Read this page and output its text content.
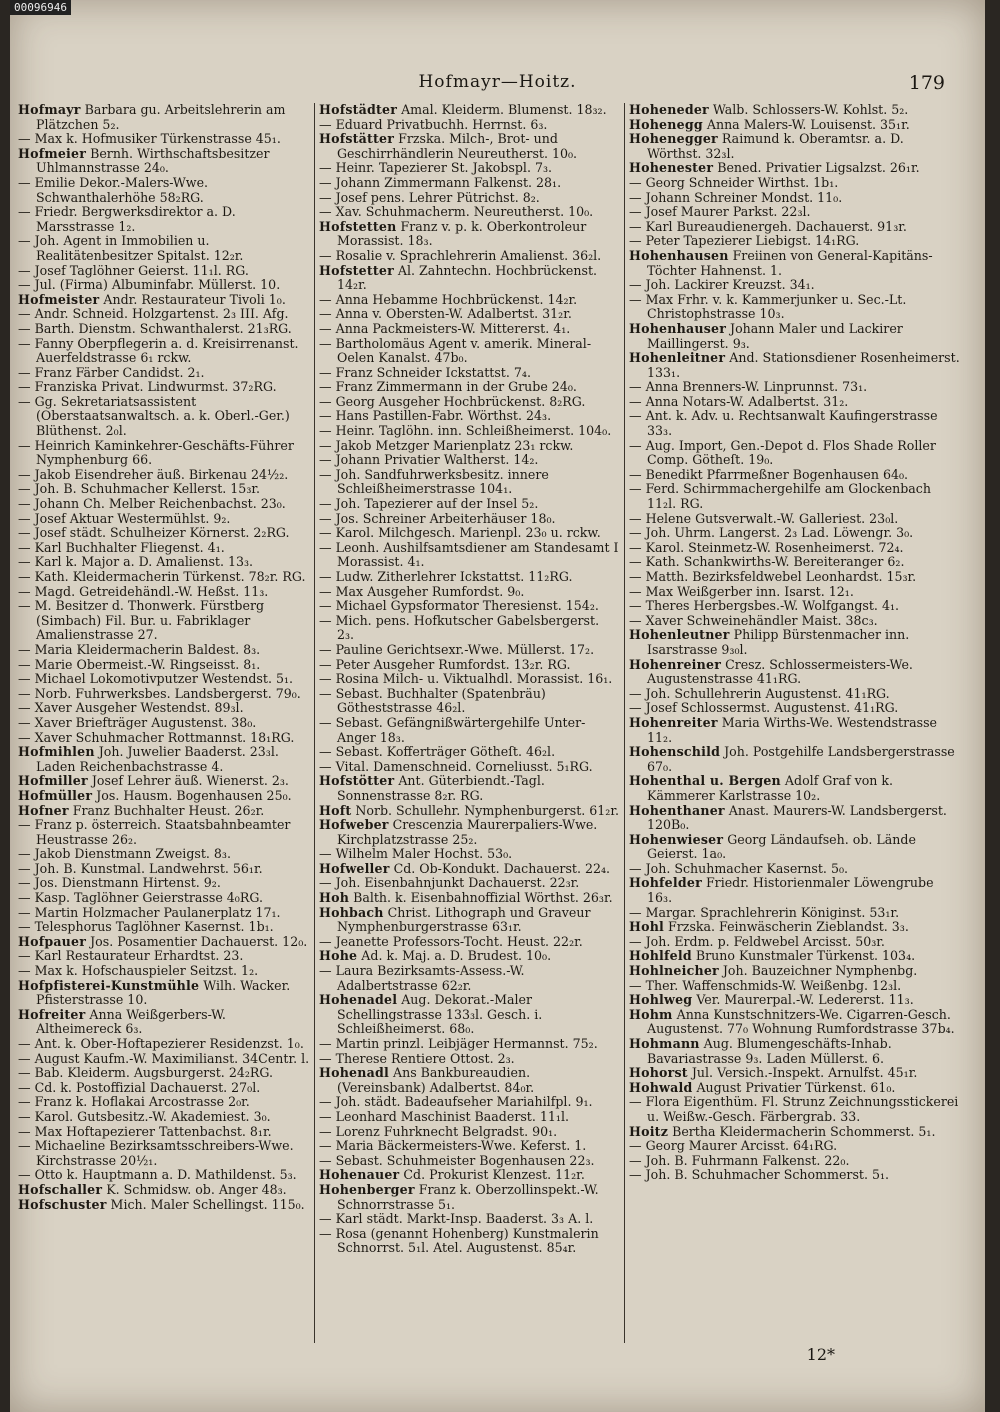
00096946
Hofmayr—Hoitz.	179
Hofmayr Barbara gu. Arbeitslehrerin am Plätzchen 5₂.
— Max k. Hofmusiker Türkenstrasse 45₁.
Hofmeier Bernh. Wirthschaftsbesitzer Uhlmannstrasse 24₀.
— Emilie Dekor.-Malers-Wwe. Schwanthalerhöhe 58₂RG.
— Friedr. Bergwerksdirektor a. D. Marsstrasse 1₂.
— Joh. Agent in Immobilien u. Realitätenbesitzer Spitalst. 12₂r.
— Josef Taglöhner Geierst. 11₁l. RG.
— Jul. (Firma) Albuminfabr. Müllerst. 10.
Hofmeister Andr. Restaurateur Tivoli 1₀.
— Andr. Schneid. Holzgartenst. 2₃ III. Afg.
— Barth. Dienstm. Schwanthalerst. 21₃RG.
— Fanny Oberpflegerin a. d. Kreisirrenanst. Auerfeldstrasse 6₁ rckw.
— Franz Färber Candidst. 2₁.
— Franziska Privat. Lindwurmst. 37₂RG.
— Gg. Sekretariatsassistent (Oberstaatsanwaltsch. a. k. Oberl.-Ger.) Blüthenst. 2₀l.
— Heinrich Kaminkehrer-Geschäfts-Führer Nymphenburg 66.
— Jakob Eisendreher äuß. Birkenau 24½₂.
— Joh. B. Schuhmacher Kellerst. 15₃r.
— Johann Ch. Melber Reichenbachst. 23₀.
— Josef Aktuar Westermühlst. 9₂.
— Josef städt. Schulheizer Körnerst. 2₂RG.
— Karl Buchhalter Fliegenst. 4₁.
— Karl k. Major a. D. Amalienst. 13₃.
— Kath. Kleidermacherin Türkenst. 78₂r. RG.
— Magd. Getreidehändl.-W. Heßst. 11₃.
— M. Besitzer d. Thonwerk. Fürstberg (Simbach) Fil. Bur. u. Fabriklager Amalienstrasse 27.
— Maria Kleidermacherin Baldest. 8₃.
— Marie Obermeist.-W. Ringseisst. 8₁.
— Michael Lokomotivputzer Westendst. 5₁.
— Norb. Fuhrwerksbes. Landsbergerst. 79₀.
— Xaver Ausgeher Westendst. 89₃l.
— Xaver Briefträger Augustenst. 38₀.
— Xaver Schuhmacher Rottmannst. 18₁RG.
Hofmihlen Joh. Juwelier Baaderst. 23₃l. Laden Reichenbachstrasse 4.
Hofmiller Josef Lehrer äuß. Wienerst. 2₃.
Hofmüller Jos. Hausm. Bogenhausen 25₀.
Hofner Franz Buchhalter Heust. 26₂r.
— Franz p. österreich. Staatsbahnbeamter Heustrasse 26₂.
— Jakob Dienstmann Zweigst. 8₃.
— Joh. B. Kunstmal. Landwehrst. 56₁r.
— Jos. Dienstmann Hirtenst. 9₂.
— Kasp. Taglöhner Geierstrasse 4₀RG.
— Martin Holzmacher Paulanerplatz 17₁.
— Telesphorus Taglöhner Kasernst. 1b₁.
Hofpauer Jos. Posamentier Dachauerst. 12₀.
— Karl Restaurateur Erhardtst. 23.
— Max k. Hofschauspieler Seitzst. 1₂.
Hofpfisterei-Kunstmühle Wilh. Wacker. Pfisterstrasse 10.
Hofreiter Anna Weißgerbers-W. Altheimereck 6₃.
— Ant. k. Ober-Hoftapezierer Residenzst. 1₀.
— August Kaufm.-W. Maximilianst. 34Centr. l.
— Bab. Kleiderm. Augsburgerst. 24₂RG.
— Cd. k. Postoffizial Dachauerst. 27₀l.
— Franz k. Hoflakai Arcostrasse 2₀r.
— Karol. Gutsbesitz.-W. Akademiest. 3₀.
— Max Hoftapezierer Tattenbachst. 8₁r.
— Michaeline Bezirksamtsschreibers-Wwe. Kirchstrasse 20½₁.
— Otto k. Hauptmann a. D. Mathildenst. 5₃.
Hofschaller K. Schmidsw. ob. Anger 48₃.
Hofschuster Mich. Maler Schellingst. 115₀.
Hofstädter Amal. Kleiderm. Blumenst. 18₃₂.
— Eduard Privatbuchh. Herrnst. 6₃.
Hofstätter Frzska. Milch-, Brot- und Geschirrhändlerin Neureutherst. 10₀.
— Heinr. Tapezierer St. Jakobspl. 7₃.
— Johann Zimmermann Falkenst. 28₁.
— Josef pens. Lehrer Pütrichst. 8₂.
— Xav. Schuhmacherm. Neureutherst. 10₀.
Hofstetten Franz v. p. k. Oberkontroleur Morassist. 18₃.
— Rosalie v. Sprachlehrerin Amalienst. 36₂l.
Hofstetter Al. Zahntechn. Hochbrückenst. 14₂r.
— Anna Hebamme Hochbrückenst. 14₂r.
— Anna v. Obersten-W. Adalbertst. 31₂r.
— Anna Packmeisters-W. Mittererst. 4₁.
— Bartholomäus Agent v. amerik. Mineral-Oelen Kanalst. 47b₀.
— Franz Schneider Ickstattst. 7₄.
— Franz Zimmermann in der Grube 24₀.
— Georg Ausgeher Hochbrückenst. 8₂RG.
— Hans Pastillen-Fabr. Wörthst. 24₃.
— Heinr. Taglöhn. inn. Schleißheimerst. 104₀.
— Jakob Metzger Marienplatz 23₁ rckw.
— Johann Privatier Waltherst. 14₂.
— Joh. Sandfuhrwerksbesitz. innere Schleißheimerstrasse 104₁.
— Joh. Tapezierer auf der Insel 5₂.
— Jos. Schreiner Arbeiterhäuser 18₀.
— Karol. Milchgesch. Marienpl. 23₀ u. rckw.
— Leonh. Aushilfsamtsdiener am Standesamt I Morassist. 4₁.
— Ludw. Zitherlehrer Ickstattst. 11₂RG.
— Max Ausgeher Rumfordst. 9₀.
— Michael Gypsformator Theresienst. 154₂.
— Mich. pens. Hofkutscher Gabelsbergerst. 2₃.
— Pauline Gerichtsexr.-Wwe. Müllerst. 17₂.
— Peter Ausgeher Rumfordst. 13₂r. RG.
— Rosina Milch- u. Viktualhdl. Morassist. 16₁.
— Sebast. Buchhalter (Spatenbräu) Götheststrasse 46₂l.
— Sebast. Gefängnißwärtergehilfe Unter-Anger 18₃.
— Sebast. Kofferträger Götheſt. 46₂l.
— Vital. Damenschneid. Corneliusst. 5₁RG.
Hofstötter Ant. Güterbiendt.-Tagl. Sonnenstrasse 8₂r. RG.
Hoft Norb. Schullehr. Nymphenburgerst. 61₂r.
Hofweber Crescenzia Maurerpaliers-Wwe. Kirchplatzstrasse 25₂.
— Wilhelm Maler Hochst. 53₀.
Hofweller Cd. Ob-Kondukt. Dachauerst. 22₄.
— Joh. Eisenbahnjunkt Dachauerst. 22₃r.
Hoh Balth. k. Eisenbahnoffizial Wörthst. 26₃r.
Hohbach Christ. Lithograph und Graveur Nymphenburgerstrasse 63₁r.
— Jeanette Professors-Tocht. Heust. 22₂r.
Hohe Ad. k. Maj. a. D. Brudest. 10₀.
— Laura Bezirksamts-Assess.-W. Adalbertstrasse 62₂r.
Hohenadel Aug. Dekorat.-Maler Schellingstrasse 133₃l. Gesch. i. Schleißheimerst. 68₀.
— Martin prinzl. Leibjäger Hermannst. 75₂.
— Therese Rentiere Ottost. 2₃.
Hohenadl Ans Bankbureaudien. (Vereinsbank) Adalbertst. 84₀r.
— Joh. städt. Badeaufseher Mariahilfpl. 9₁.
— Leonhard Maschinist Baaderst. 11₁l.
— Lorenz Fuhrknecht Belgradst. 90₁.
— Maria Bäckermeisters-Wwe. Keferst. 1.
— Sebast. Schuhmeister Bogenhausen 22₃.
Hohenauer Cd. Prokurist Klenzest. 11₂r.
Hohenberger Franz k. Oberzollinspekt.-W. Schnorrstrasse 5₁.
— Karl städt. Markt-Insp. Baaderst. 3₃ A. l.
— Rosa (genannt Hohenberg) Kunstmalerin Schnorrst. 5₁l. Atel. Augustenst. 85₄r.
Hoheneder Walb. Schlossers-W. Kohlst. 5₂.
Hohenegg Anna Malers-W. Louisenst. 35₁r.
Hohenegger Raimund k. Oberamtsr. a. D. Wörthst. 32₃l.
Hohenester Bened. Privatier Ligsalzst. 26₁r.
— Georg Schneider Wirthst. 1b₁.
— Johann Schreiner Mondst. 11₀.
— Josef Maurer Parkst. 22₃l.
— Karl Bureaudienergeh. Dachauerst. 91₃r.
— Peter Tapezierer Liebigst. 14₁RG.
Hohenhausen Freiinen von General-Kapitäns-Töchter Hahnenst. 1.
— Joh. Lackirer Kreuzst. 34₁.
— Max Frhr. v. k. Kammerjunker u. Sec.-Lt. Christophstrasse 10₃.
Hohenhauser Johann Maler und Lackirer Maillingerst. 9₃.
Hohenleitner And. Stationsdiener Rosenheimerst. 133₁.
— Anna Brenners-W. Linprunnst. 73₁.
— Anna Notars-W. Adalbertst. 31₂.
— Ant. k. Adv. u. Rechtsanwalt Kaufingerstrasse 33₃.
— Aug. Import, Gen.-Depot d. Flos Shade Roller Comp. Götheſt. 19₀.
— Benedikt Pfarrmeßner Bogenhausen 64₀.
— Ferd. Schirmmachergehilfe am Glockenbach 11₂l. RG.
— Helene Gutsverwalt.-W. Galleriest. 23₀l.
— Joh. Uhrm. Langerst. 2₃ Lad. Löwengr. 3₀.
— Karol. Steinmetz-W. Rosenheimerst. 72₄.
— Kath. Schankwirths-W. Bereiteranger 6₂.
— Matth. Bezirksfeldwebel Leonhardst. 15₃r.
— Max Weißgerber inn. Isarst. 12₁.
— Theres Herbergsbes.-W. Wolfgangst. 4₁.
— Xaver Schweinehändler Maist. 38c₃.
Hohenleutner Philipp Bürstenmacher inn. Isarstrasse 9₃₀l.
Hohenreiner Cresz. Schlossermeisters-We. Augustenstrasse 41₁RG.
— Joh. Schullehrerin Augustenst. 41₁RG.
— Josef Schlossermst. Augustenst. 41₁RG.
Hohenreiter Maria Wirths-We. Westendstrasse 11₂.
Hohenschild Joh. Postgehilfe Landsbergerstrasse 67₀.
Hohenthal u. Bergen Adolf Graf von k. Kämmerer Karlstrasse 10₂.
Hohenthaner Anast. Maurers-W. Landsbergerst. 120B₀.
Hohenwieser Georg Ländaufseh. ob. Lände Geierst. 1a₀.
— Joh. Schuhmacher Kasernst. 5₀.
Hohfelder Friedr. Historienmaler Löwengrube 16₃.
— Margar. Sprachlehrerin Königinst. 53₁r.
Hohl Frzska. Feinwäscherin Zieblandst. 3₃.
— Joh. Erdm. p. Feldwebel Arcisst. 50₃r.
Hohlfeld Bruno Kunstmaler Türkenst. 103₄.
Hohlneicher Joh. Bauzeichner Nymphenbg.
— Ther. Waffenschmids-W. Weißenbg. 12₃l.
Hohlweg Ver. Maurerpal.-W. Ledererst. 11₃.
Hohm Anna Kunstschnitzers-We. Cigarren-Gesch. Augustenst. 77₀ Wohnung Rumfordstrasse 37b₄.
Hohmann Aug. Blumengeschäfts-Inhab. Bavariastrasse 9₃. Laden Müllerst. 6.
Hohorst Jul. Versich.-Inspekt. Arnulfst. 45₁r.
Hohwald August Privatier Türkenst. 61₀.
— Flora Eigenthüm. Fl. Strunz Zeichnungsstickerei u. Weißw.-Gesch. Färbergrab. 33.
Hoitz Bertha Kleidermacherin Schommerst. 5₁.
— Georg Maurer Arcisst. 64₁RG.
— Joh. B. Fuhrmann Falkenst. 22₀.
— Joh. B. Schuhmacher Schommerst. 5₁.
12*
